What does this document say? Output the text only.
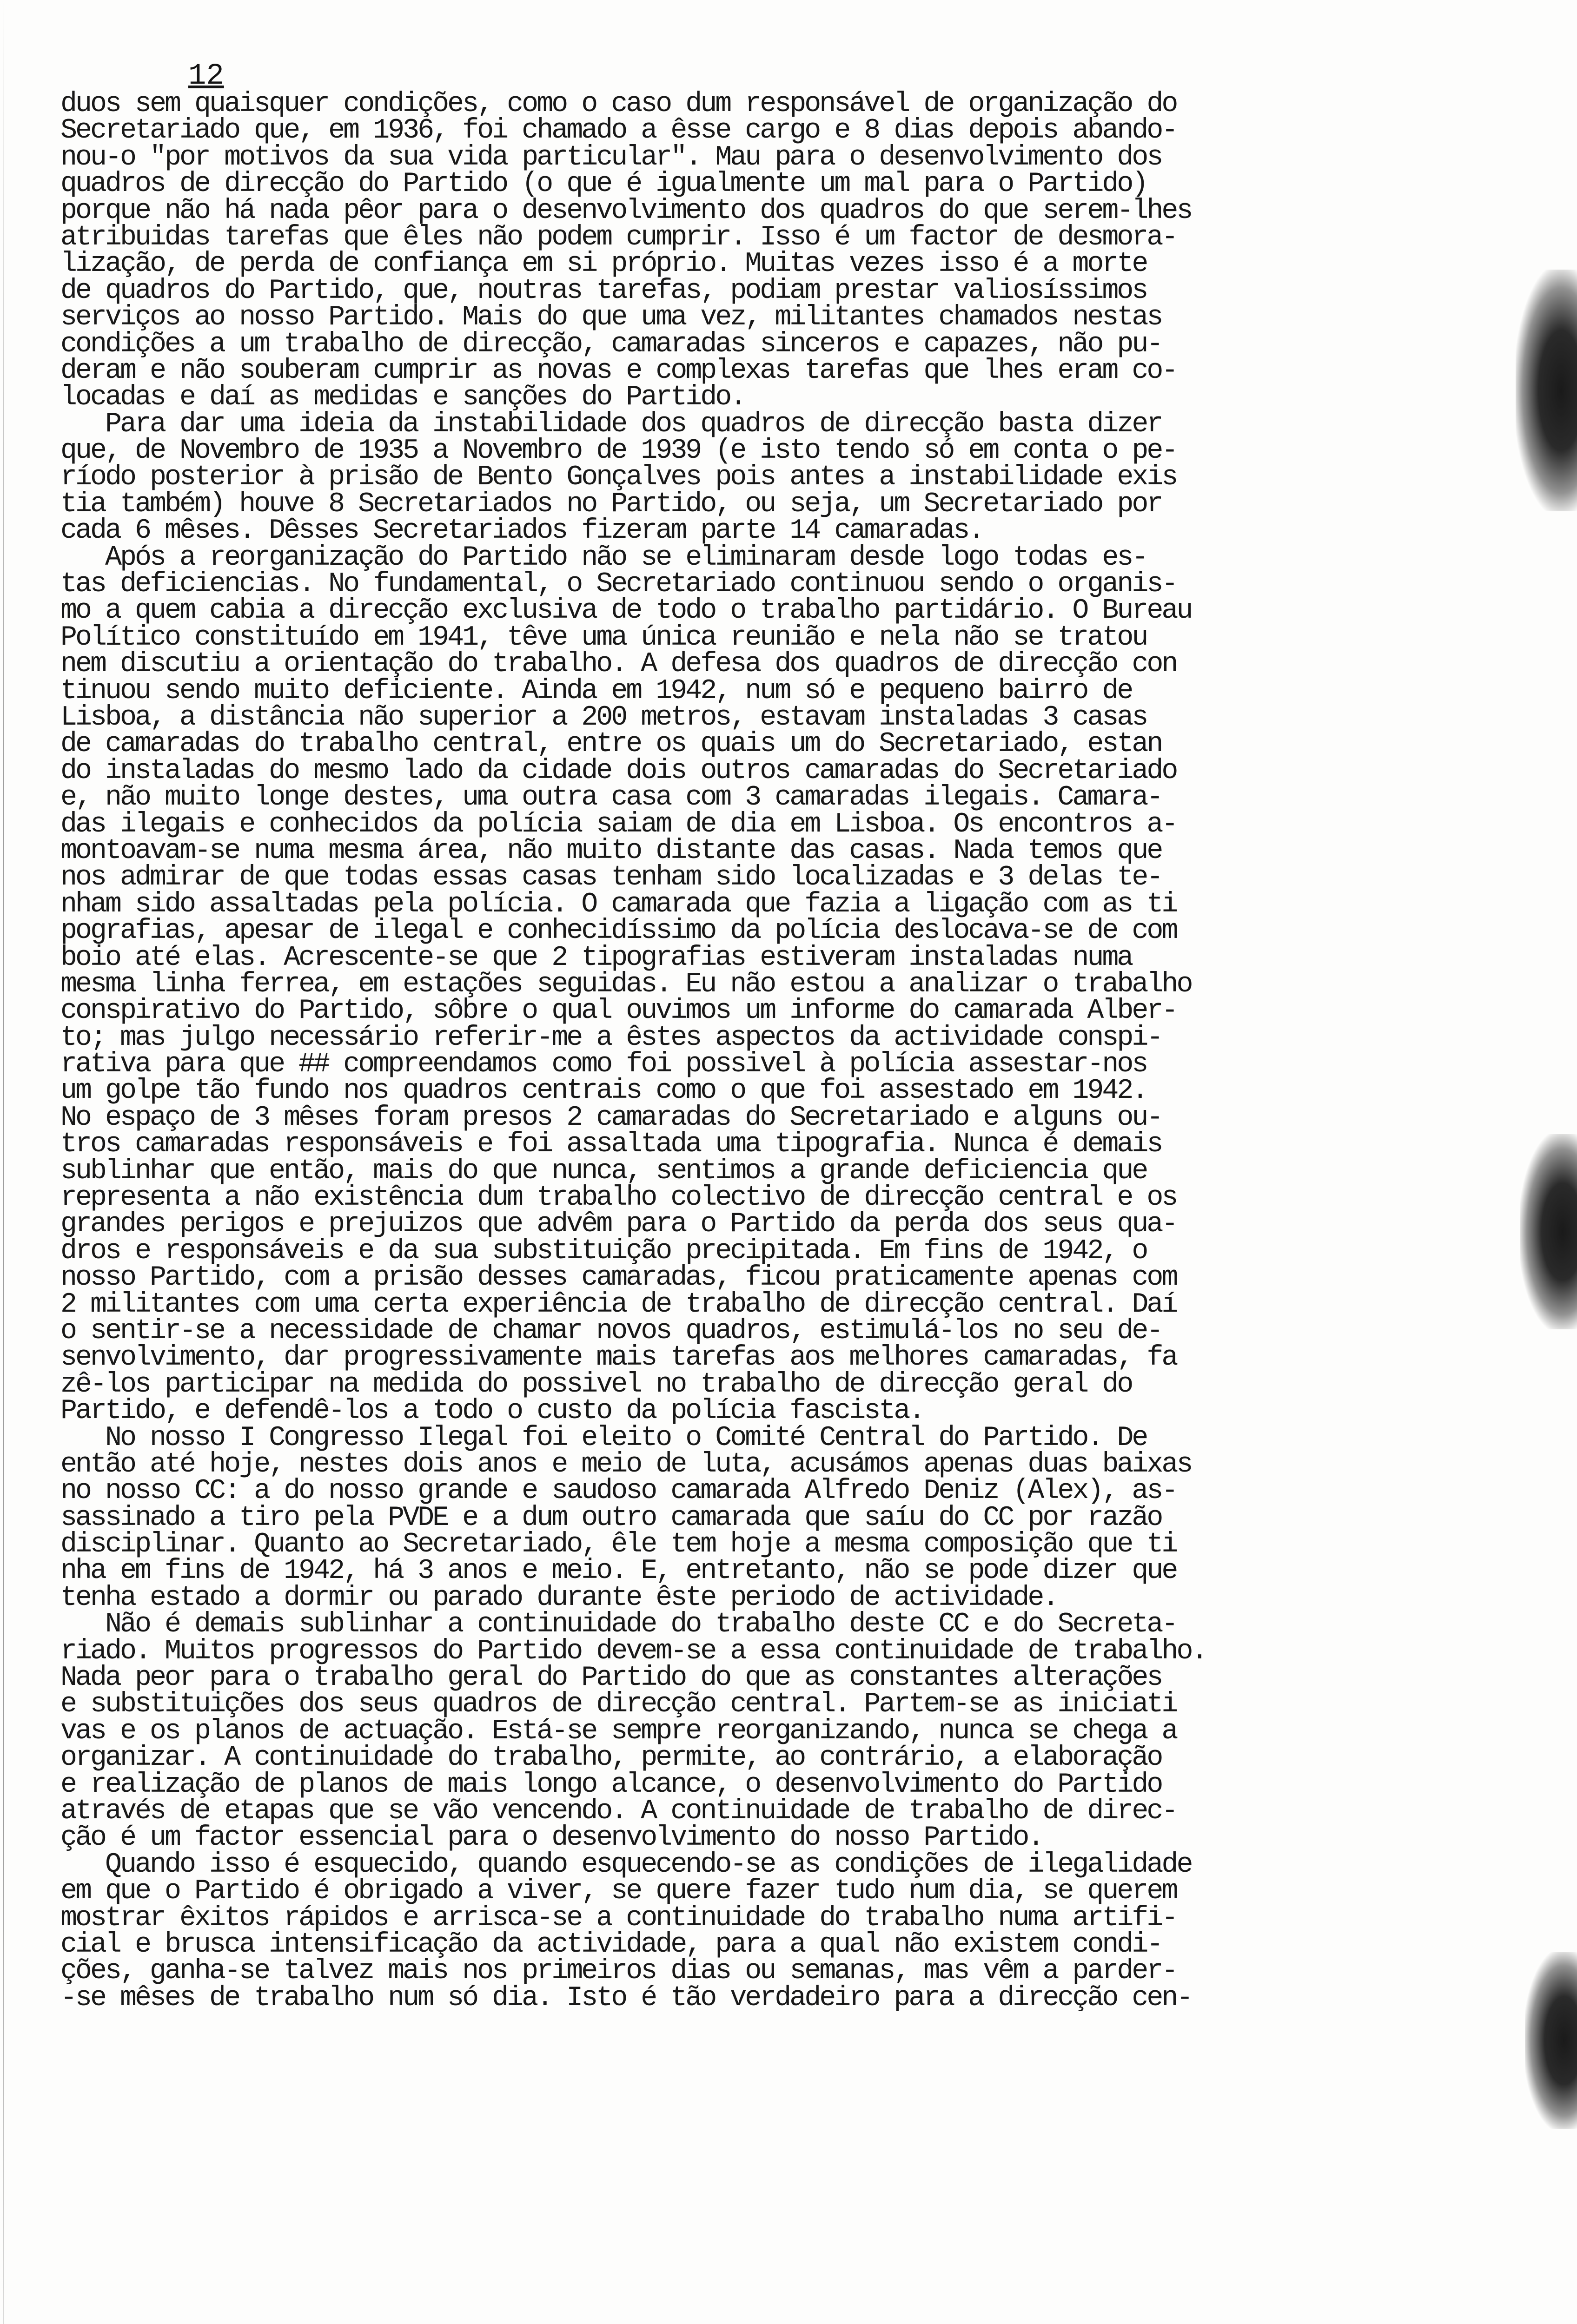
12
duos sem quaisquer condições, como o caso dum responsável de organização do
Secretariado que, em 1936, foi chamado a êsse cargo e 8 dias depois abando-
nou-o "por motivos da sua vida particular". Mau para o desenvolvimento dos
quadros de direcção do Partido (o que é igualmente um mal para o Partido)
porque não há nada pêor para o desenvolvimento dos quadros do que serem-lhes
atribuidas tarefas que êles não podem cumprir. Isso é um factor de desmora-
lização, de perda de confiança em si próprio. Muitas vezes isso é a morte
de quadros do Partido, que, noutras tarefas, podiam prestar valiosíssimos
serviços ao nosso Partido. Mais do que uma vez, militantes chamados nestas
condições a um trabalho de direcção, camaradas sinceros e capazes, não pu-
deram e não souberam cumprir as novas e complexas tarefas que lhes eram co-
locadas e daí as medidas e sanções do Partido.
Para dar uma ideia da instabilidade dos quadros de direcção basta dizer
que, de Novembro de 1935 a Novembro de 1939 (e isto tendo só em conta o pe-
ríodo posterior à prisão de Bento Gonçalves pois antes a instabilidade exis
tia também) houve 8 Secretariados no Partido, ou seja, um Secretariado por
cada 6 mêses. Dêsses Secretariados fizeram parte 14 camaradas.
Após a reorganização do Partido não se eliminaram desde logo todas es-
tas deficiencias. No fundamental, o Secretariado continuou sendo o organis-
mo a quem cabia a direcção exclusiva de todo o trabalho partidário. O Bureau
Político constituído em 1941, têve uma única reunião e nela não se tratou
nem discutiu a orientação do trabalho. A defesa dos quadros de direcção con
tinuou sendo muito deficiente. Ainda em 1942, num só e pequeno bairro de
Lisboa, a distância não superior a 200 metros, estavam instaladas 3 casas
de camaradas do trabalho central, entre os quais um do Secretariado, estan
do instaladas do mesmo lado da cidade dois outros camaradas do Secretariado
e, não muito longe destes, uma outra casa com 3 camaradas ilegais. Camara-
das ilegais e conhecidos da polícia saiam de dia em Lisboa. Os encontros a-
montoavam-se numa mesma área, não muito distante das casas. Nada temos que
nos admirar de que todas essas casas tenham sido localizadas e 3 delas te-
nham sido assaltadas pela polícia. O camarada que fazia a ligação com as ti
pografias, apesar de ilegal e conhecidíssimo da polícia deslocava-se de com
boio até elas. Acrescente-se que 2 tipografias estiveram instaladas numa
mesma linha ferrea, em estações seguidas. Eu não estou a analizar o trabalho
conspirativo do Partido, sôbre o qual ouvimos um informe do camarada Alber-
to; mas julgo necessário referir-me a êstes aspectos da actividade conspi-
rativa para que ## compreendamos como foi possivel à polícia assestar-nos
um golpe tão fundo nos quadros centrais como o que foi assestado em 1942.
No espaço de 3 mêses foram presos 2 camaradas do Secretariado e alguns ou-
tros camaradas responsáveis e foi assaltada uma tipografia. Nunca é demais
sublinhar que então, mais do que nunca, sentimos a grande deficiencia que
representa a não existência dum trabalho colectivo de direcção central e os
grandes perigos e prejuizos que advêm para o Partido da perda dos seus qua-
dros e responsáveis e da sua substituição precipitada. Em fins de 1942, o
nosso Partido, com a prisão desses camaradas, ficou praticamente apenas com
2 militantes com uma certa experiência de trabalho de direcção central. Daí
o sentir-se a necessidade de chamar novos quadros, estimulá-los no seu de-
senvolvimento, dar progressivamente mais tarefas aos melhores camaradas, fa
zê-los participar na medida do possivel no trabalho de direcção geral do
Partido, e defendê-los a todo o custo da polícia fascista.
No nosso I Congresso Ilegal foi eleito o Comité Central do Partido. De
então até hoje, nestes dois anos e meio de luta, acusámos apenas duas baixas
no nosso CC: a do nosso grande e saudoso camarada Alfredo Deniz (Alex), as-
sassinado a tiro pela PVDE e a dum outro camarada que saíu do CC por razão
disciplinar. Quanto ao Secretariado, êle tem hoje a mesma composição que ti
nha em fins de 1942, há 3 anos e meio. E, entretanto, não se pode dizer que
tenha estado a dormir ou parado durante êste periodo de actividade.
Não é demais sublinhar a continuidade do trabalho deste CC e do Secreta-
riado. Muitos progressos do Partido devem-se a essa continuidade de trabalho.
Nada peor para o trabalho geral do Partido do que as constantes alterações
e substituições dos seus quadros de direcção central. Partem-se as iniciati
vas e os planos de actuação. Está-se sempre reorganizando, nunca se chega a
organizar. A continuidade do trabalho, permite, ao contrário, a elaboração
e realização de planos de mais longo alcance, o desenvolvimento do Partido
através de etapas que se vão vencendo. A continuidade de trabalho de direc-
ção é um factor essencial para o desenvolvimento do nosso Partido.
Quando isso é esquecido, quando esquecendo-se as condições de ilegalidade
em que o Partido é obrigado a viver, se quere fazer tudo num dia, se querem
mostrar êxitos rápidos e arrisca-se a continuidade do trabalho numa artifi-
cial e brusca intensificação da actividade, para a qual não existem condi-
ções, ganha-se talvez mais nos primeiros dias ou semanas, mas vêm a parder-
-se mêses de trabalho num só dia. Isto é tão verdadeiro para a direcção cen-
